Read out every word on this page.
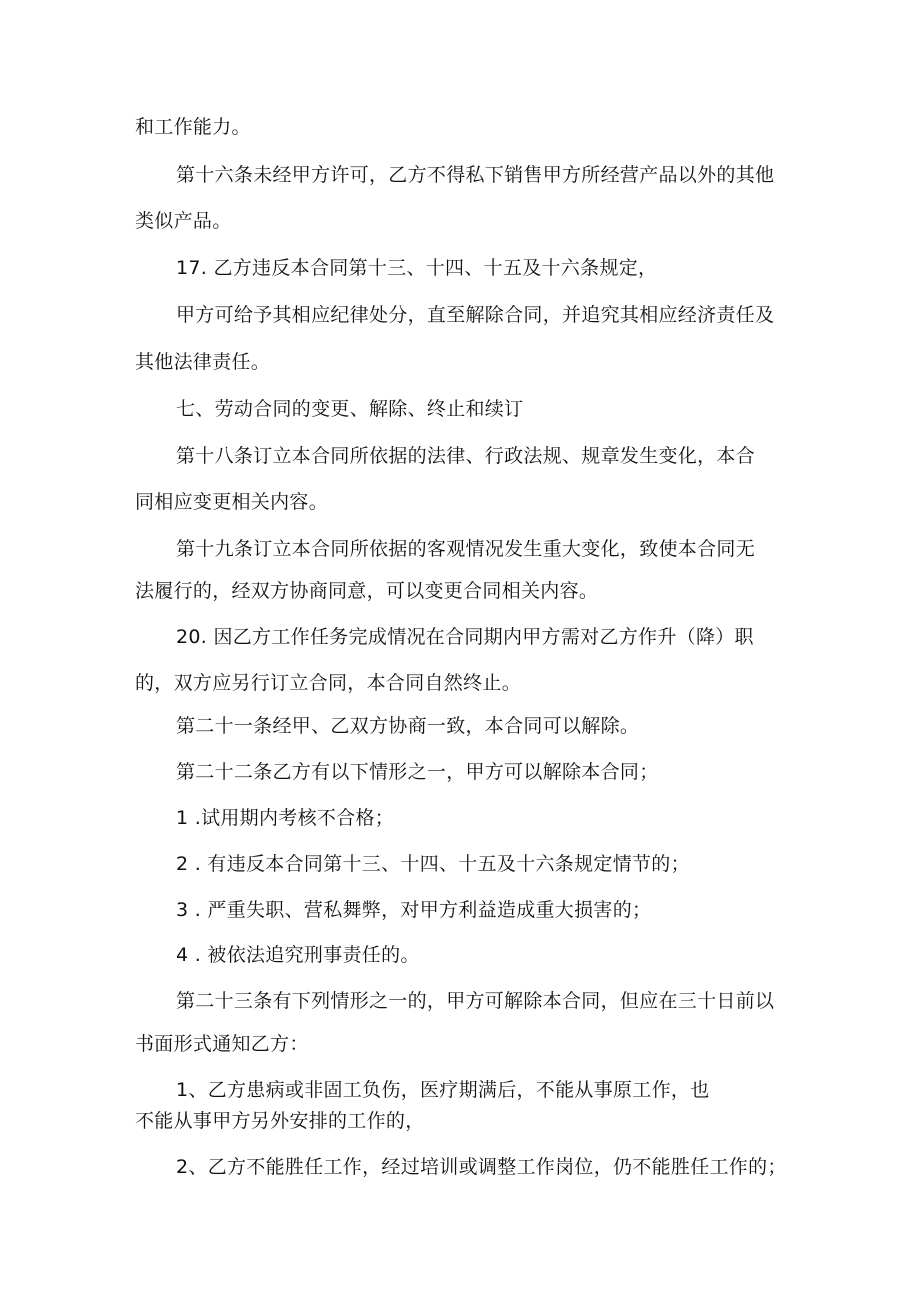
和工作能力。
第十六条未经甲方许可，乙方不得私下销售甲方所经营产品以外的其他
类似产品。
17. 乙方违反本合同第十三、十四、十五及十六条规定，
甲方可给予其相应纪律处分，直至解除合同，并追究其相应经济责任及
其他法律责任。
七、劳动合同的变更、解除、终止和续订
第十八条订立本合同所依据的法律、行政法规、规章发生变化，本合
同相应变更相关内容。
第十九条订立本合同所依据的客观情况发生重大变化，致使本合同无
法履行的，经双方协商同意，可以变更合同相关内容。
20. 因乙方工作任务完成情况在合同期内甲方需对乙方作升（降）职
的，双方应另行订立合同，本合同自然终止。
第二十一条经甲、乙双方协商一致，本合同可以解除。
第二十二条乙方有以下情形之一，甲方可以解除本合同；
1 .试用期内考核不合格；
2 . 有违反本合同第十三、十四、十五及十六条规定情节的；
3 . 严重失职、营私舞弊，对甲方利益造成重大损害的；
4 . 被依法追究刑事责任的。
第二十三条有下列情形之一的，甲方可解除本合同，但应在三十日前以
书面形式通知乙方：
1、乙方患病或非固工负伤，医疗期满后，不能从事原工作，也
不能从事甲方另外安排的工作的，
2、乙方不能胜任工作，经过培训或调整工作岗位，仍不能胜任工作的；
